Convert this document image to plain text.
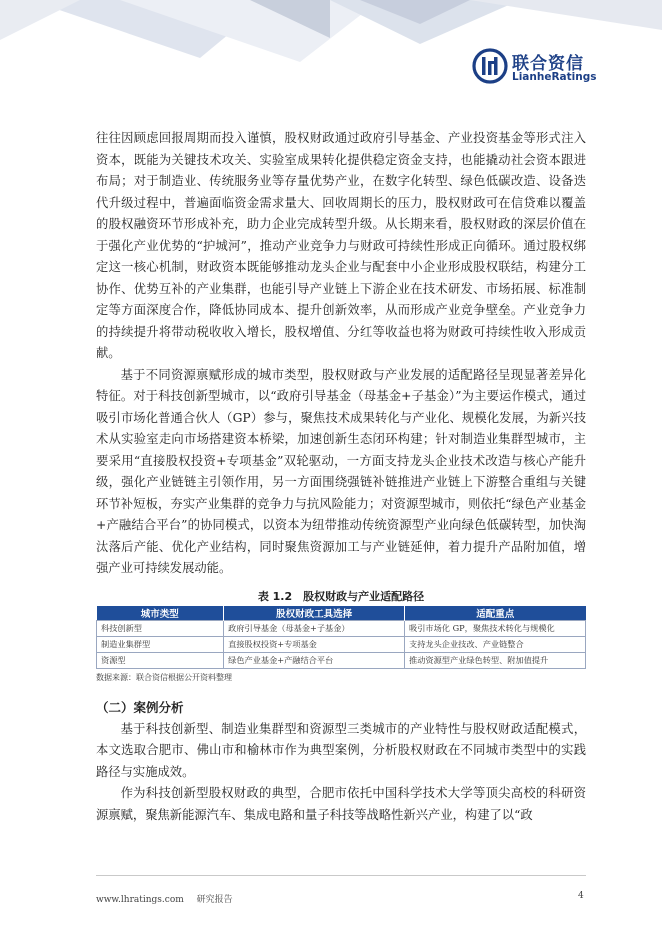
联合资信
LianheRatings

往往因顾虑回报周期而投入谨慎，股权财政通过政府引导基金、产业投资基金等形式注入资本，既能为关键技术攻关、实验室成果转化提供稳定资金支持，也能撬动社会资本跟进布局；对于制造业、传统服务业等存量优势产业，在数字化转型、绿色低碳改造、设备迭代升级过程中，普遍面临资金需求量大、回收周期长的压力，股权财政可在信贷难以覆盖的股权融资环节形成补充，助力企业完成转型升级。从长期来看，股权财政的深层价值在于强化产业优势的“护城河”，推动产业竞争力与财政可持续性形成正向循环。通过股权绑定这一核心机制，财政资本既能够推动龙头企业与配套中小企业形成股权联结，构建分工协作、优势互补的产业集群，也能引导产业链上下游企业在技术研发、市场拓展、标准制定等方面深度合作，降低协同成本、提升创新效率，从而形成产业竞争壁垒。产业竞争力的持续提升将带动税收收入增长，股权增值、分红等收益也将为财政可持续性收入形成贡献。

基于不同资源禀赋形成的城市类型，股权财政与产业发展的适配路径呈现显著差异化特征。对于科技创新型城市，以“政府引导基金（母基金+子基金）”为主要运作模式，通过吸引市场化普通合伙人（GP）参与，聚焦技术成果转化与产业化、规模化发展，为新兴技术从实验室走向市场搭建资本桥梁，加速创新生态闭环构建；针对制造业集群型城市，主要采用“直接股权投资+专项基金”双轮驱动，一方面支持龙头企业技术改造与核心产能升级，强化产业链链主引领作用，另一方面围绕强链补链推进产业链上下游整合重组与关键环节补短板，夯实产业集群的竞争力与抗风险能力；对资源型城市，则依托“绿色产业基金+产融结合平台”的协同模式，以资本为纽带推动传统资源型产业向绿色低碳转型，加快淘汰落后产能、优化产业结构，同时聚焦资源加工与产业链延伸，着力提升产品附加值，增强产业可持续发展动能。

表 1.2　股权财政与产业适配路径
城市类型	股权财政工具选择	适配重点
科技创新型	政府引导基金（母基金+子基金）	吸引市场化 GP，聚焦技术转化与规模化
制造业集群型	直接股权投资+专项基金	支持龙头企业技改、产业链整合
资源型	绿色产业基金+产融结合平台	推动资源型产业绿色转型、附加值提升

数据来源：联合资信根据公开资料整理

（二）案例分析

基于科技创新型、制造业集群型和资源型三类城市的产业特性与股权财政适配模式，本文选取合肥市、佛山市和榆林市作为典型案例，分析股权财政在不同城市类型中的实践路径与实施成效。

作为科技创新型股权财政的典型，合肥市依托中国科学技术大学等顶尖高校的科研资源禀赋，聚焦新能源汽车、集成电路和量子科技等战略性新兴产业，构建了以“政

www.lhratings.com 研究报告	4
